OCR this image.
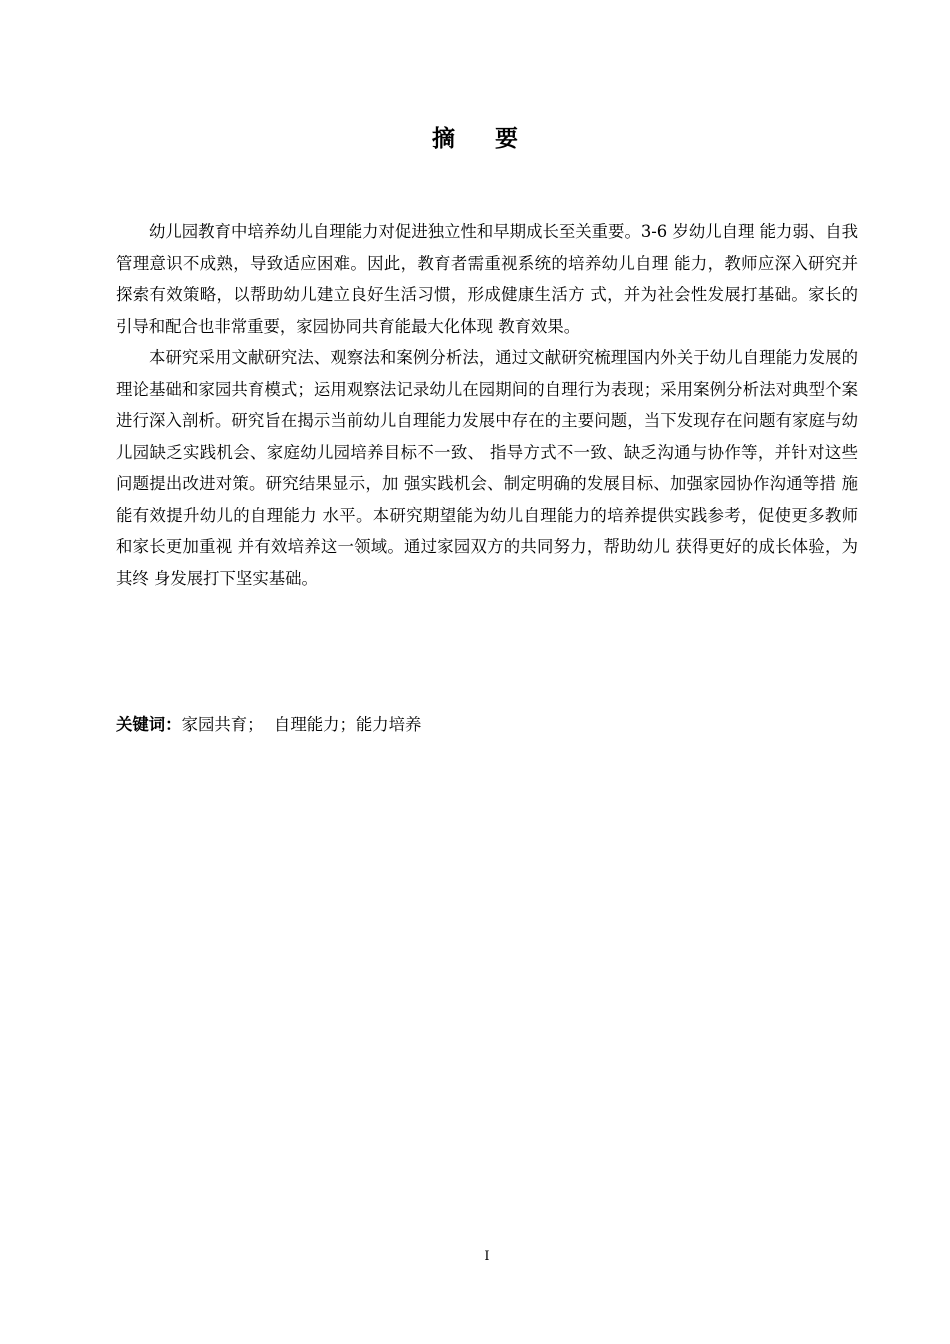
摘 要

幼儿园教育中培养幼儿自理能力对促进独立性和早期成长至关重要。3-6 岁幼儿自理 能力弱、自我管理意识不成熟，导致适应困难。因此，教育者需重视系统的培养幼儿自理 能力，教师应深入研究并探索有效策略，以帮助幼儿建立良好生活习惯，形成健康生活方 式，并为社会性发展打基础。家长的引导和配合也非常重要，家园协同共育能最大化体现 教育效果。

本研究采用文献研究法、观察法和案例分析法，通过文献研究梳理国内外关于幼儿自理能力发展的理论基础和家园共育模式；运用观察法记录幼儿在园期间的自理行为表现；采用案例分析法对典型个案进行深入剖析。研究旨在揭示当前幼儿自理能力发展中存在的主要问题，当下发现存在问题有家庭与幼儿园缺乏实践机会、家庭幼儿园培养目标不一致、 指导方式不一致、缺乏沟通与协作等，并针对这些问题提出改进对策。研究结果显示，加 强实践机会、制定明确的发展目标、加强家园协作沟通等措 施能有效提升幼儿的自理能力 水平。本研究期望能为幼儿自理能力的培养提供实践参考，促使更多教师和家长更加重视 并有效培养这一领域。通过家园双方的共同努力，帮助幼儿 获得更好的成长体验，为其终 身发展打下坚实基础。

关键词：家园共育；  自理能力；能力培养
I
